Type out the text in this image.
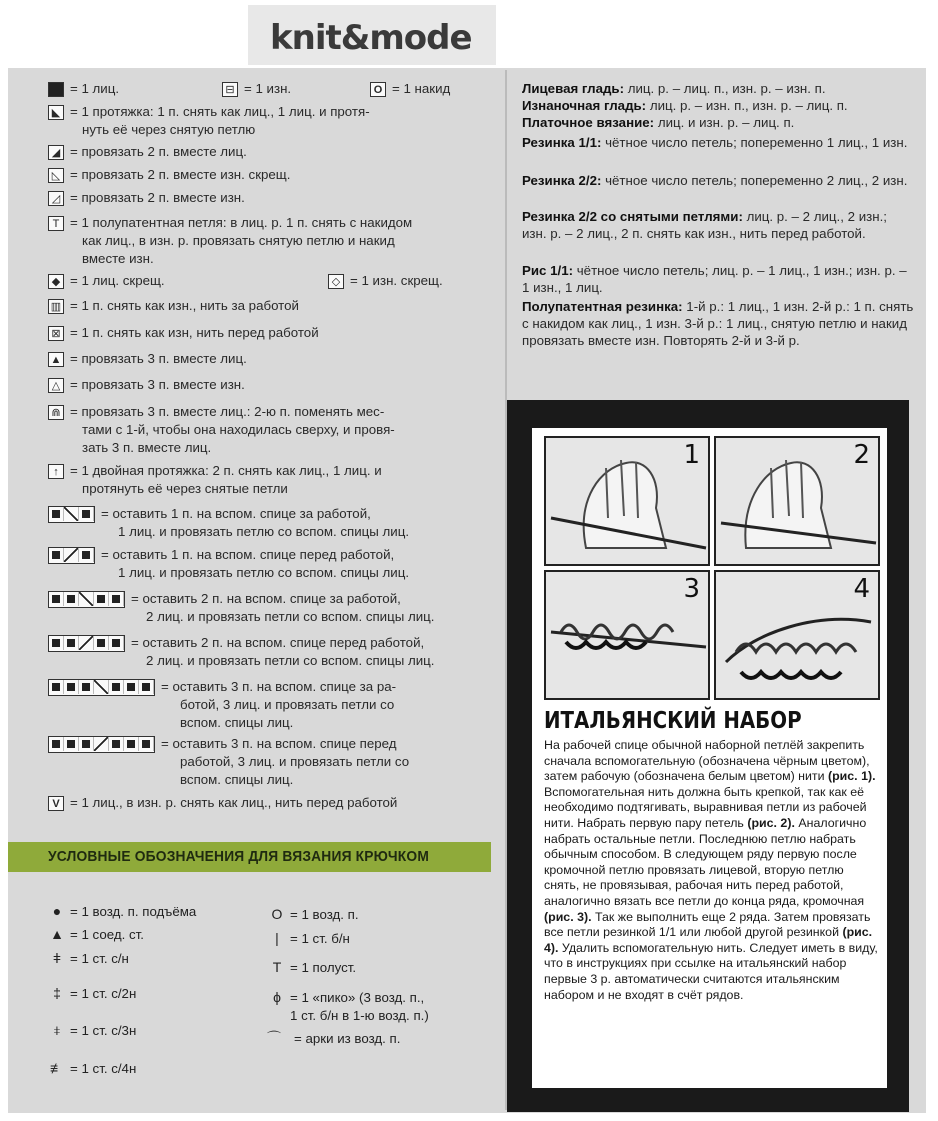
knit&mode
= 1 лиц.	⊟ = 1 изн.	O = 1 накид
◣ = 1 протяжка: 1 п. снять как лиц., 1 лиц. и протя-
нуть её через снятую петлю
◢ = провязать 2 п. вместе лиц.
◺ = провязать 2 п. вместе изн. скрещ.
◿ = провязать 2 п. вместе изн.
T = 1 полупатентная петля: в лиц. р. 1 п. снять с накидом
как лиц., в изн. р. провязать снятую петлю и накид
вместе изн.
◆ = 1 лиц. скрещ.	◇ = 1 изн. скрещ.
▥ = 1 п. снять как изн., нить за работой
⊠ = 1 п. снять как изн, нить перед работой
▲ = провязать 3 п. вместе лиц.
△ = провязать 3 п. вместе изн.
⋒ = провязать 3 п. вместе лиц.: 2-ю п. поменять мес-
тами с 1-й, чтобы она находилась сверху, и провя-
зать 3 п. вместе лиц.
↑ = 1 двойная протяжка: 2 п. снять как лиц., 1 лиц. и
протянуть её через снятые петли
= оставить 1 п. на вспом. спице за работой,
1 лиц. и провязать петлю со вспом. спицы лиц.
= оставить 1 п. на вспом. спице перед работой,
1 лиц. и провязать петлю со вспом. спицы лиц.
= оставить 2 п. на вспом. спице за работой,
2 лиц. и провязать петли со вспом. спицы лиц.
= оставить 2 п. на вспом. спице перед работой,
2 лиц. и провязать петли со вспом. спицы лиц.
= оставить 3 п. на вспом. спице за ра-
ботой, 3 лиц. и провязать петли со
вспом. спицы лиц.
= оставить 3 п. на вспом. спице перед
работой, 3 лиц. и провязать петли со
вспом. спицы лиц.
V = 1 лиц., в изн. р. снять как лиц., нить перед работой
УСЛОВНЫЕ ОБОЗНАЧЕНИЯ ДЛЯ ВЯЗАНИЯ КРЮЧКОМ
● = 1 возд. п. подъёма
▲ = 1 соед. ст.
ǂ = 1 ст. с/н
‡ = 1 ст. с/2н
⧧ = 1 ст. с/3н
≢ = 1 ст. с/4н
O = 1 возд. п.
| = 1 ст. б/н
T = 1 полуст.
ϕ = 1 «пико» (3 возд. п.,
1 ст. б/н в 1-ю возд. п.)
⌒ = арки из возд. п.
Лицевая гладь: лиц. р. – лиц. п., изн. р. – изн. п.
Изнаночная гладь: лиц. р. – изн. п., изн. р. – лиц. п.
Платочное вязание: лиц. и изн. р. – лиц. п.
Резинка 1/1: чётное число петель; попеременно 1 лиц., 1 изн.
Резинка 2/2: чётное число петель; попеременно 2 лиц., 2 изн.
Резинка 2/2 со снятыми петлями: лиц. р. – 2 лиц., 2 изн.; изн. р. – 2 лиц., 2 п. снять как изн., нить перед работой.
Рис 1/1: чётное число петель; лиц. р. – 1 лиц., 1 изн.; изн. р. – 1 изн., 1 лиц.
Полупатентная резинка: 1-й р.: 1 лиц., 1 изн. 2-й р.: 1 п. снять с накидом как лиц., 1 изн. 3-й р.: 1 лиц., снятую петлю и накид провязать вместе изн. Повторять 2-й и 3-й р.
1	2
3	4
ИТАЛЬЯНСКИЙ НАБОР
На рабочей спице обычной наборной петлёй закрепить сначала вспомогательную (обозначена чёрным цветом), затем рабочую (обозначена белым цветом) нити (рис. 1). Вспомогательная нить должна быть крепкой, так как её необходимо подтягивать, выравнивая петли из рабочей нити. Набрать первую пару петель (рис. 2). Аналогично набрать остальные петли. Последнюю петлю набрать обычным способом. В следующем ряду первую после кромочной петлю провязать лицевой, вторую петлю снять, не провязывая, рабочая нить перед работой, аналогично вязать все петли до конца ряда, кромочная (рис. 3). Так же выполнить еще 2 ряда. Затем провязать все петли резинкой 1/1 или любой другой резинкой (рис. 4). Удалить вспомогательную нить. Следует иметь в виду, что в инструкциях при ссылке на итальянский набор первые 3 р. автоматически считаются итальянским набором и не входят в счёт рядов.
